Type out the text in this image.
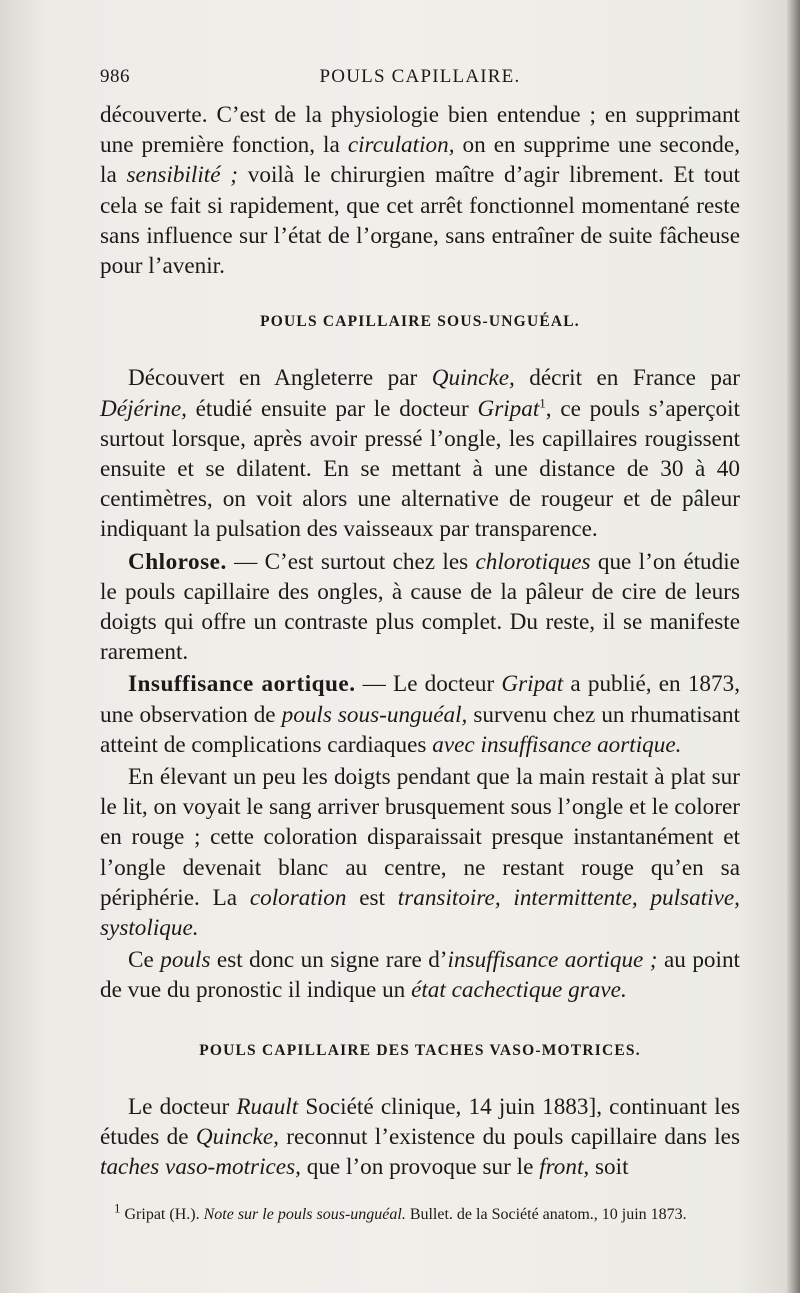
986	POULS CAPILLAIRE.

découverte. C’est de la physiologie bien entendue ; en supprimant une première fonction, la circulation, on en supprime une seconde, la sensibilité ; voilà le chirurgien maître d’agir librement. Et tout cela se fait si rapidement, que cet arrêt fonctionnel momentané reste sans influence sur l’état de l’organe, sans entraîner de suite fâcheuse pour l’avenir.

POULS CAPILLAIRE SOUS-UNGUÉAL.

Découvert en Angleterre par Quincke, décrit en France par Déjérine, étudié ensuite par le docteur Gripat$^1$, ce pouls s’aperçoit surtout lorsque, après avoir pressé l’ongle, les capillaires rougissent ensuite et se dilatent. En se mettant à une distance de 30 à 40 centimètres, on voit alors une alternative de rougeur et de pâleur indiquant la pulsation des vaisseaux par transparence.

Chlorose. — C’est surtout chez les chlorotiques que l’on étudie le pouls capillaire des ongles, à cause de la pâleur de cire de leurs doigts qui offre un contraste plus complet. Du reste, il se manifeste rarement.

Insuffisance aortique. — Le docteur Gripat a publié, en 1873, une observation de pouls sous-unguéal, survenu chez un rhumatisant atteint de complications cardiaques avec insuffisance aortique.

En élevant un peu les doigts pendant que la main restait à plat sur le lit, on voyait le sang arriver brusquement sous l’ongle et le colorer en rouge ; cette coloration disparaissait presque instantanément et l’ongle devenait blanc au centre, ne restant rouge qu’en sa périphérie. La coloration est transitoire, intermittente, pulsative, systolique.

Ce pouls est donc un signe rare d’insuffisance aortique ; au point de vue du pronostic il indique un état cachectique grave.

POULS CAPILLAIRE DES TACHES VASO-MOTRICES.

Le docteur Ruault Société clinique, 14 juin 1883], continuant les études de Quincke, reconnut l’existence du pouls capillaire dans les taches vaso-motrices, que l’on provoque sur le front, soit

$^1$ Gripat (H.). Note sur le pouls sous-unguéal. Bullet. de la Société anatom., 10 juin 1873.
